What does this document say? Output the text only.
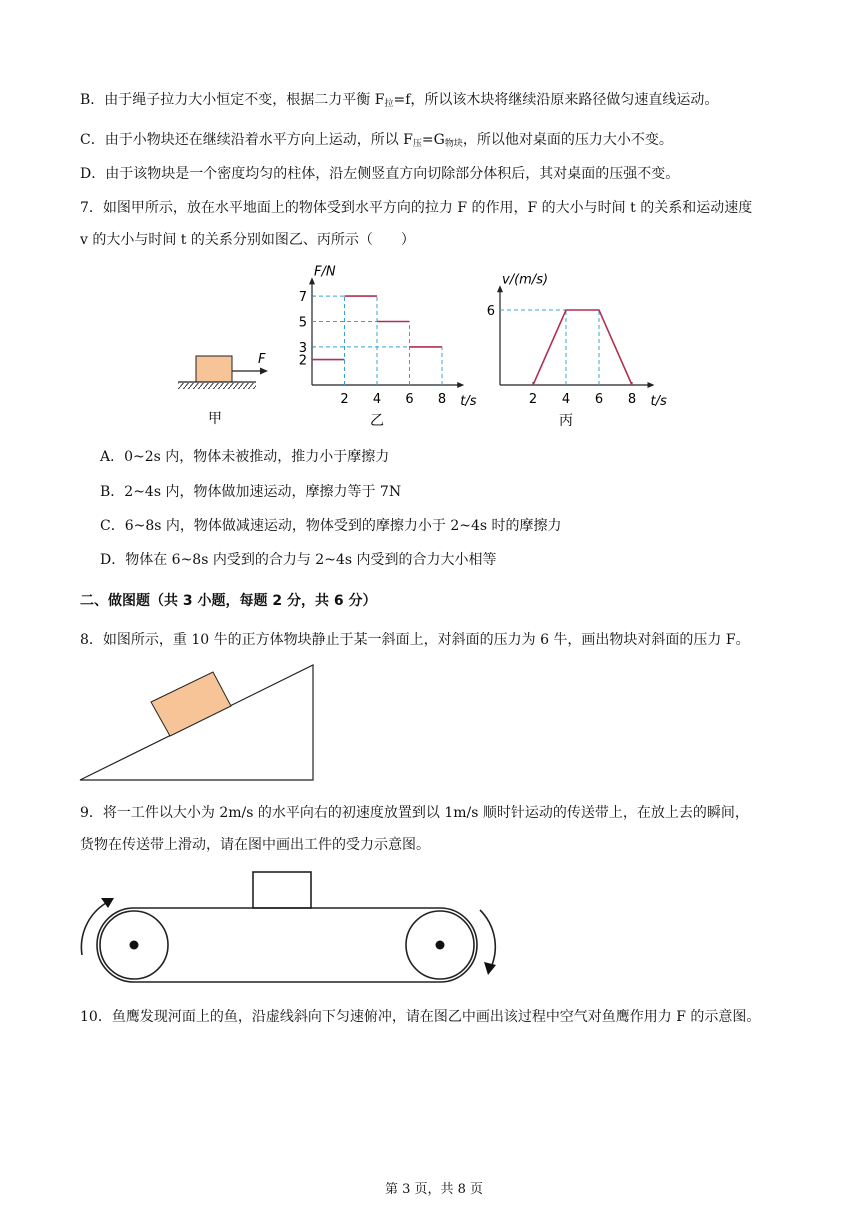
B．由于绳子拉力大小恒定不变，根据二力平衡 $F_拉=f$，所以该木块将继续沿原来路径做匀速直线运动。
C．由于小物块还在继续沿着水平方向上运动，所以 $F_压=G_{物块}$，所以他对桌面的压力大小不变。
D．由于该物块是一个密度均匀的柱体，沿左侧竖直方向切除部分体积后，其对桌面的压强不变。
7．如图甲所示，放在水平地面上的物体受到水平方向的拉力 F 的作用，F 的大小与时间 t 的关系和运动速度
v 的大小与时间 t 的关系分别如图乙、丙所示（　　）
F
甲
F/N
t/s
2 4 6 8
2
3
5
7
乙
v/(m/s)
t/s
2 4 6 8
6
丙
A．0~2s 内，物体未被推动，推力小于摩擦力
B．2~4s 内，物体做加速运动，摩擦力等于 7N
C．6~8s 内，物体做减速运动，物体受到的摩擦力小于 2~4s 时的摩擦力
D．物体在 6~8s 内受到的合力与 2~4s 内受到的合力大小相等
二、做图题（共 3 小题，每题 2 分，共 6 分）
8．如图所示，重 10 牛的正方体物块静止于某一斜面上，对斜面的压力为 6 牛，画出物块对斜面的压力 F。
9．将一工件以大小为 2m/s 的水平向右的初速度放置到以 1m/s 顺时针运动的传送带上，在放上去的瞬间，
货物在传送带上滑动，请在图中画出工件的受力示意图。
10．鱼鹰发现河面上的鱼，沿虚线斜向下匀速俯冲，请在图乙中画出该过程中空气对鱼鹰作用力 F 的示意图。
第 3 页，共 8 页
